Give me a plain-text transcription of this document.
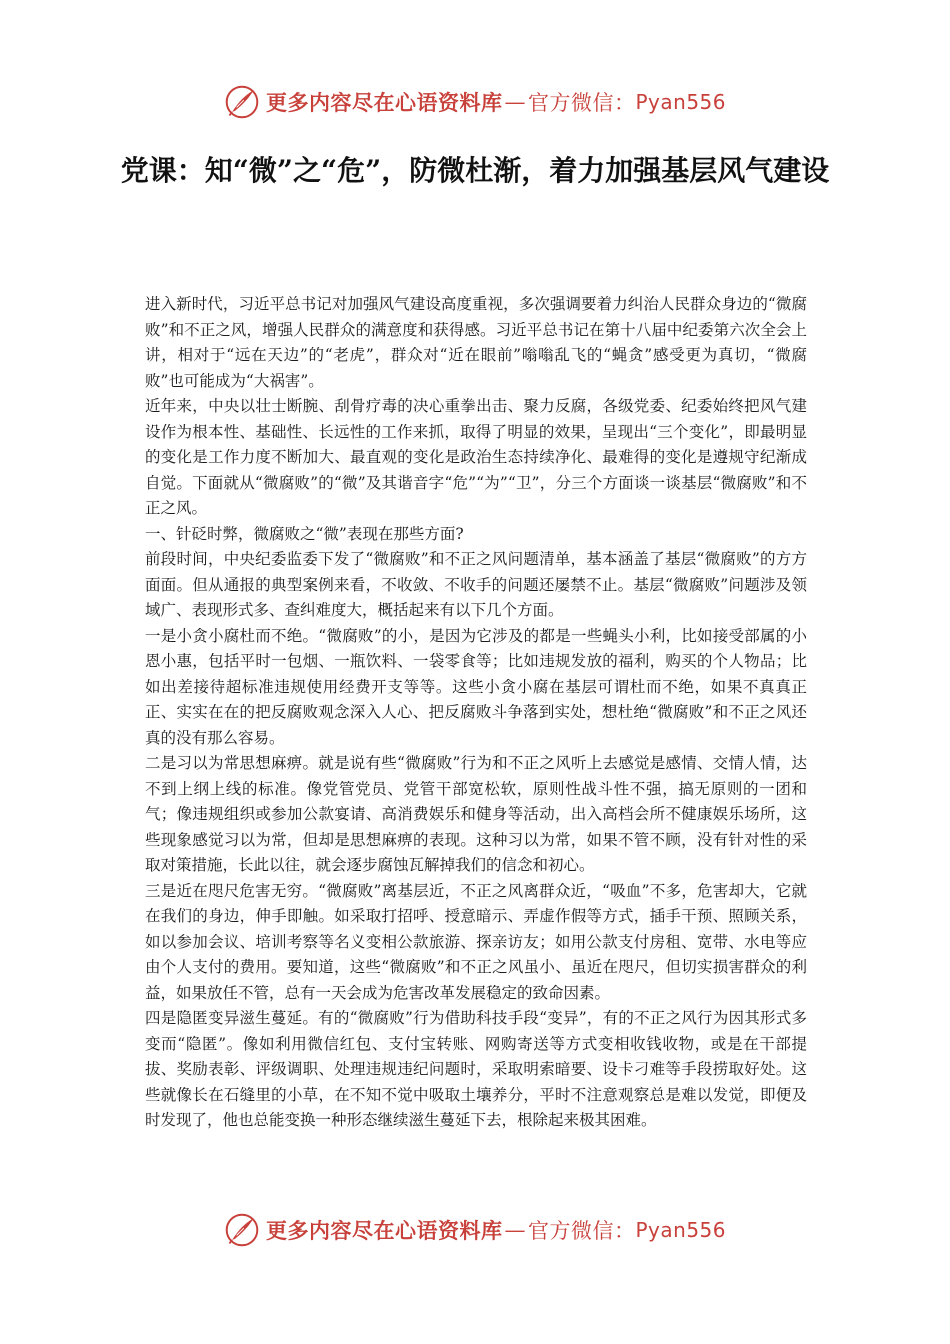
更多内容尽在心语资料库 — 官方微信： Pyan556
党课：知“微”之“危”，防微杜渐，着力加强基层风气建设

进入新时代，习近平总书记对加强风气建设高度重视，多次强调要着力纠治人民群众身边的“微腐败”和不正之风，增强人民群众的满意度和获得感。习近平总书记在第十八届中纪委第六次全会上讲，相对于“远在天边”的“老虎”，群众对“近在眼前”嗡嗡乱飞的“蝇贪”感受更为真切，“微腐败”也可能成为“大祸害”。

近年来，中央以壮士断腕、刮骨疗毒的决心重拳出击、聚力反腐，各级党委、纪委始终把风气建设作为根本性、基础性、长远性的工作来抓，取得了明显的效果，呈现出“三个变化”，即最明显的变化是工作力度不断加大、最直观的变化是政治生态持续净化、最难得的变化是遵规守纪渐成自觉。下面就从“微腐败”的“微”及其谐音字“危”“为”“卫”，分三个方面谈一谈基层“微腐败”和不正之风。

一、针砭时弊，微腐败之“微”表现在那些方面?

前段时间，中央纪委监委下发了“微腐败”和不正之风问题清单，基本涵盖了基层“微腐败”的方方面面。但从通报的典型案例来看，不收敛、不收手的问题还屡禁不止。基层“微腐败”问题涉及领域广、表现形式多、查纠难度大，概括起来有以下几个方面。

一是小贪小腐杜而不绝。“微腐败”的小，是因为它涉及的都是一些蝇头小利，比如接受部属的小恩小惠，包括平时一包烟、一瓶饮料、一袋零食等；比如违规发放的福利，购买的个人物品；比如出差接待超标准违规使用经费开支等等。这些小贪小腐在基层可谓杜而不绝，如果不真真正正、实实在在的把反腐败观念深入人心、把反腐败斗争落到实处，想杜绝“微腐败”和不正之风还真的没有那么容易。

二是习以为常思想麻痹。就是说有些“微腐败”行为和不正之风听上去感觉是感情、交情人情，达不到上纲上线的标准。像党管党员、党管干部宽松软，原则性战斗性不强，搞无原则的一团和气；像违规组织或参加公款宴请、高消费娱乐和健身等活动，出入高档会所不健康娱乐场所，这些现象感觉习以为常，但却是思想麻痹的表现。这种习以为常，如果不管不顾，没有针对性的采取对策措施，长此以往，就会逐步腐蚀瓦解掉我们的信念和初心。

三是近在咫尺危害无穷。“微腐败”离基层近，不正之风离群众近，“吸血”不多，危害却大，它就在我们的身边，伸手即触。如采取打招呼、授意暗示、弄虚作假等方式，插手干预、照顾关系，如以参加会议、培训考察等名义变相公款旅游、探亲访友；如用公款支付房租、宽带、水电等应由个人支付的费用。要知道，这些“微腐败”和不正之风虽小、虽近在咫尺，但切实损害群众的利益，如果放任不管，总有一天会成为危害改革发展稳定的致命因素。

四是隐匿变异滋生蔓延。有的“微腐败”行为借助科技手段“变异”，有的不正之风行为因其形式多变而“隐匿”。像如利用微信红包、支付宝转账、网购寄送等方式变相收钱收物，或是在干部提拔、奖励表彰、评级调职、处理违规违纪问题时，采取明索暗要、设卡刁难等手段捞取好处。这些就像长在石缝里的小草，在不知不觉中吸取土壤养分，平时不注意观察总是难以发觉，即便及时发现了，他也总能变换一种形态继续滋生蔓延下去，根除起来极其困难。

更多内容尽在心语资料库 — 官方微信： Pyan556
